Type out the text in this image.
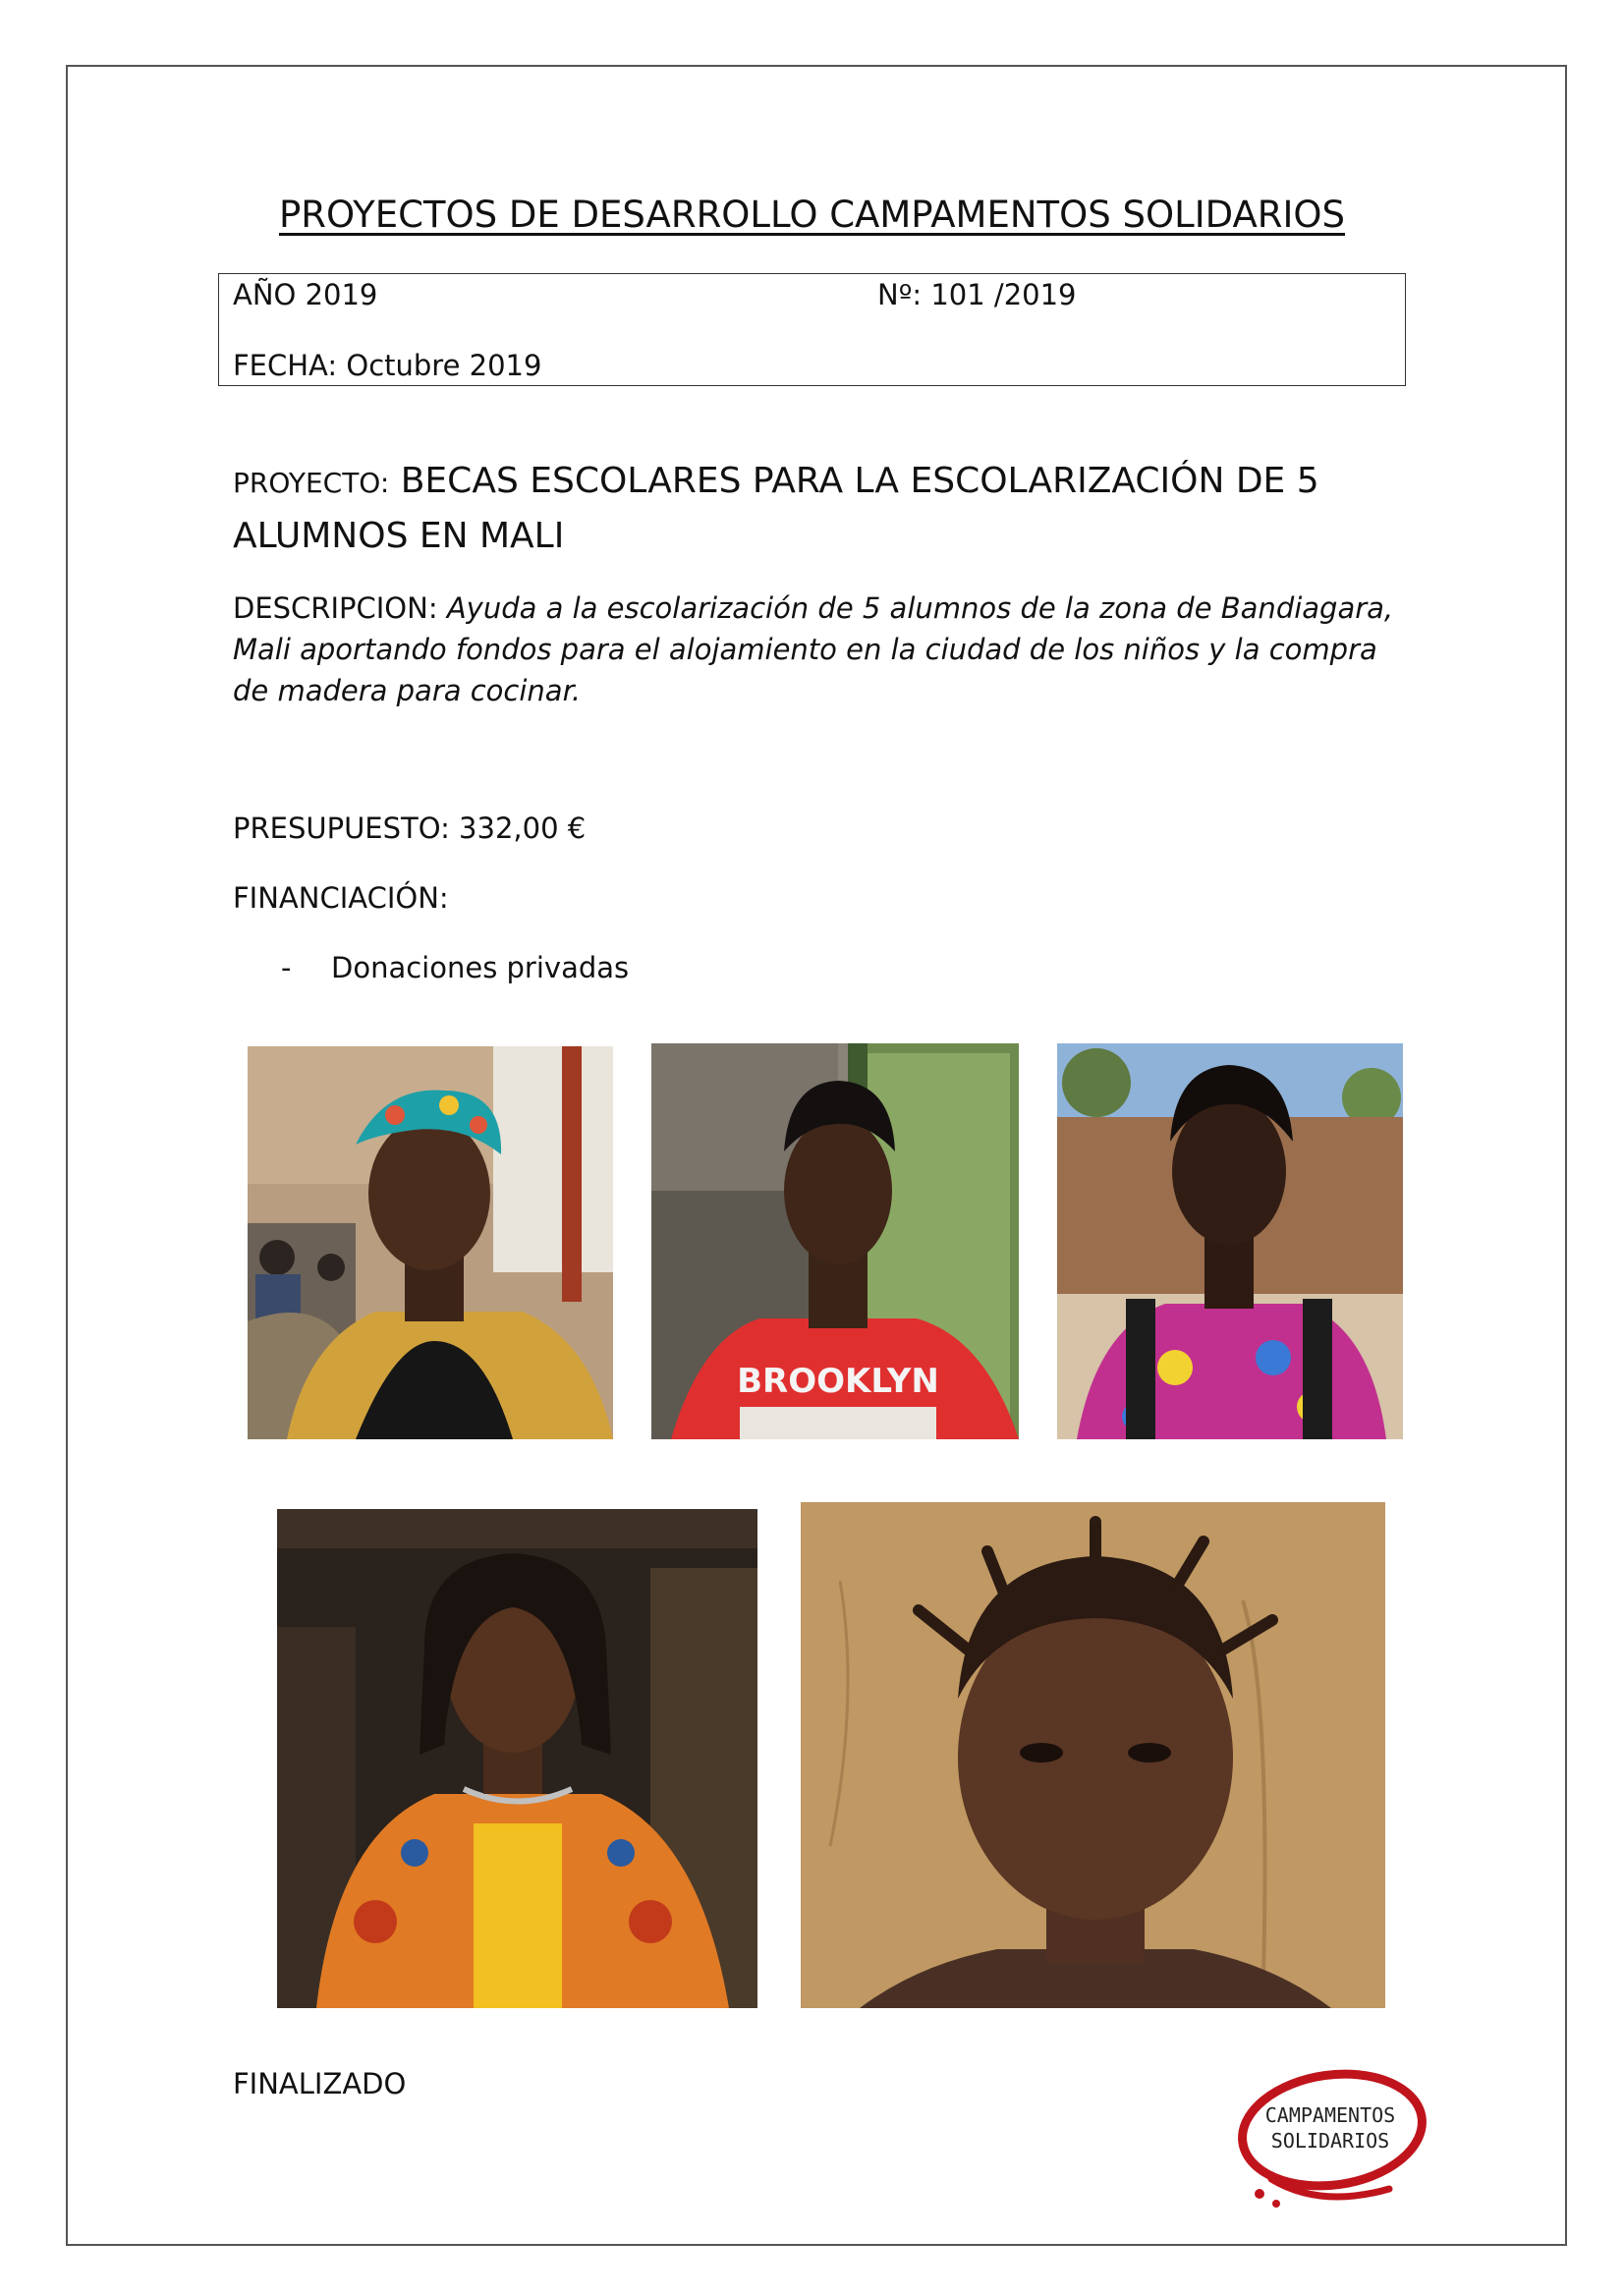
PROYECTOS DE DESARROLLO CAMPAMENTOS SOLIDARIOS
AÑO 2019	Nº: 101 /2019
FECHA: Octubre 2019
PROYECTO: BECAS ESCOLARES PARA LA ESCOLARIZACIÓN DE 5 ALUMNOS EN MALI
DESCRIPCION: Ayuda a la escolarización de 5 alumnos de la zona de Bandiagara, Mali aportando fondos para el alojamiento en la ciudad de los niños y la compra de madera para cocinar.
PRESUPUESTO: 332,00 €
FINANCIACIÓN:
- Donaciones privadas
BROOKLYN
FINALIZADO
CAMPAMENTOS
SOLIDARIOS
